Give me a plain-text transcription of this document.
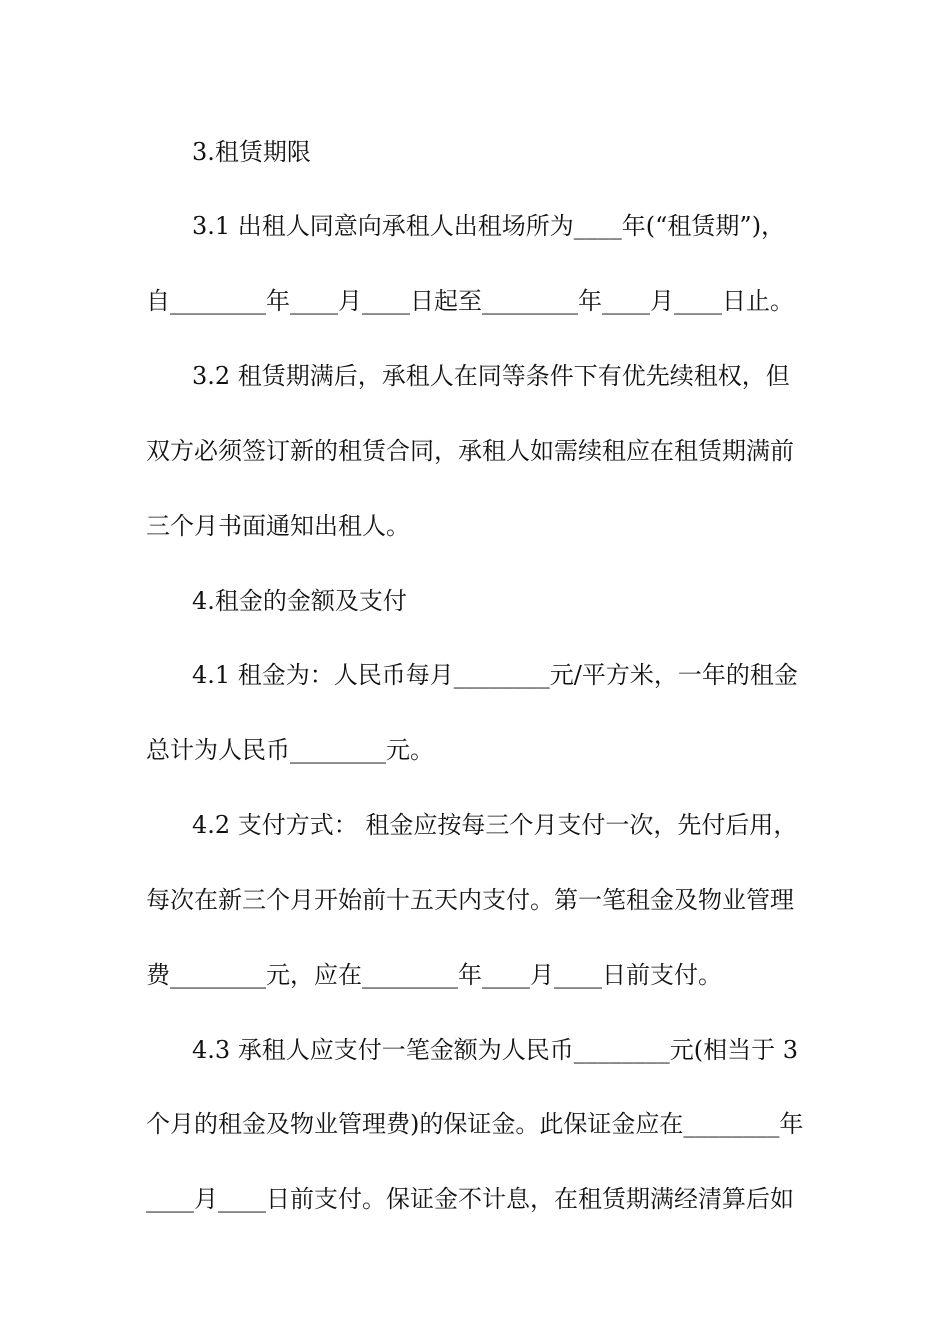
3.租赁期限

3.1 出租人同意向承租人出租场所为____年(“租赁期”)，

自________年____月____日起至________年____月____日止。

3.2 租赁期满后，承租人在同等条件下有优先续租权，但

双方必须签订新的租赁合同，承租人如需续租应在租赁期满前

三个月书面通知出租人。

4.租金的金额及支付

4.1 租金为：人民币每月________元/平方米，一年的租金

总计为人民币________元。

4.2 支付方式： 租金应按每三个月支付一次，先付后用，

每次在新三个月开始前十五天内支付。第一笔租金及物业管理

费________元，应在________年____月____日前支付。

4.3 承租人应支付一笔金额为人民币________元(相当于 3

个月的租金及物业管理费)的保证金。此保证金应在________年

____月____日前支付。保证金不计息，在租赁期满经清算后如
